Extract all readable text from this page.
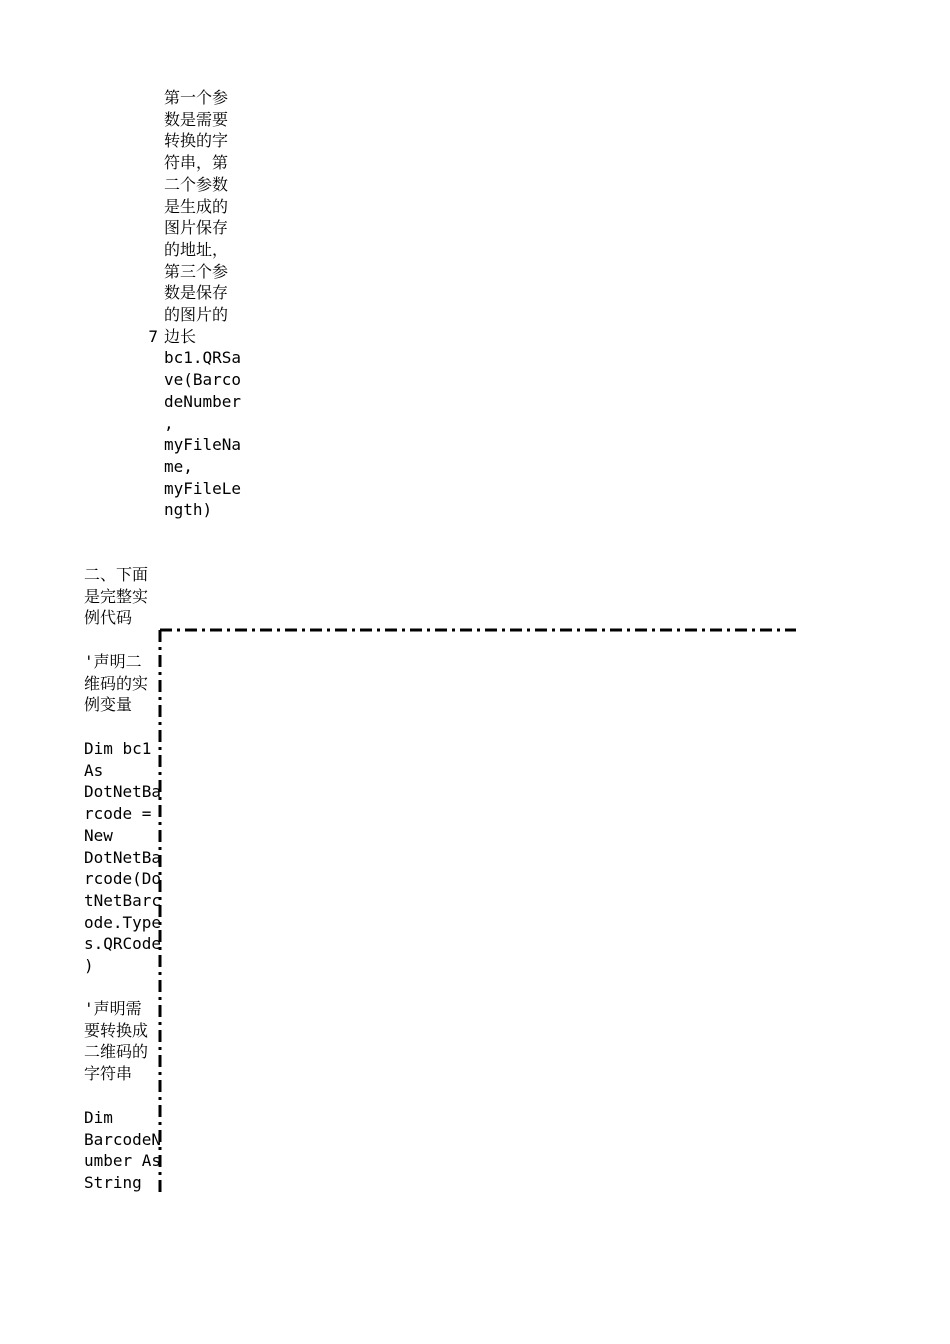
7
第一个参
数是需要
转换的字
符串，第
二个参数
是生成的
图片保存
的地址，
第三个参
数是保存
的图片的
边长
bc1.QRSa
ve(Barco
deNumber
,
myFileNa
me,
myFileLe
ngth)
二、下面
是完整实
例代码
'声明二
维码的实
例变量
Dim bc1
As
DotNetBa
rcode =
New
DotNetBa
rcode(Do
tNetBarc
ode.Type
s.QRCode
)
'声明需
要转换成
二维码的
字符串
Dim
BarcodeN
umber As
String
